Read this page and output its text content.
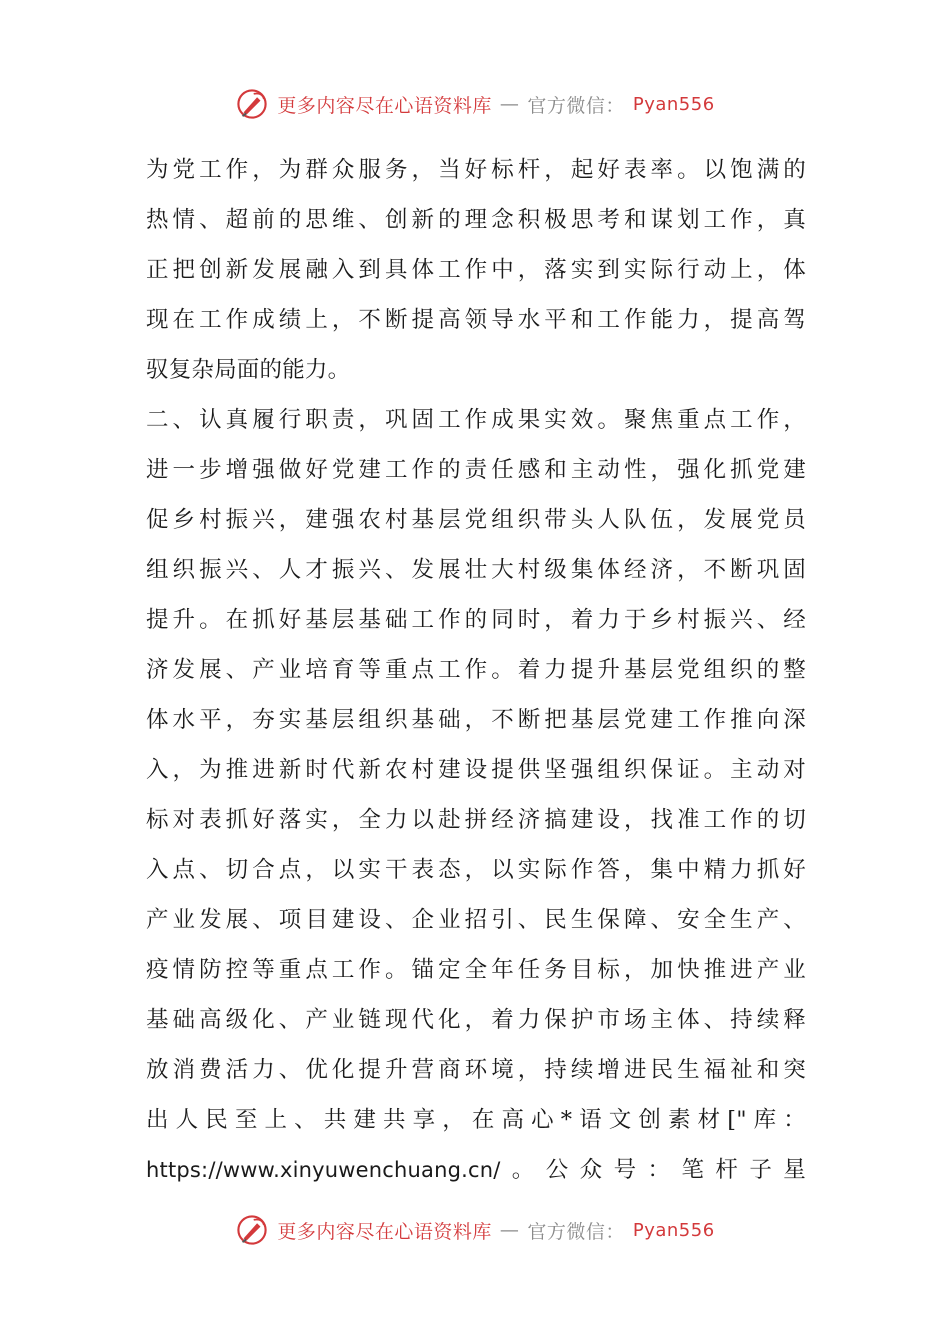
更多内容尽在心语资料库 — 官方微信： Pyan556
为党工作，为群众服务，当好标杆，起好表率。以饱满的
热情、超前的思维、创新的理念积极思考和谋划工作，真
正把创新发展融入到具体工作中，落实到实际行动上，体
现在工作成绩上，不断提高领导水平和工作能力，提高驾
驭复杂局面的能力。
二、认真履行职责，巩固工作成果实效。聚焦重点工作，
进一步增强做好党建工作的责任感和主动性，强化抓党建
促乡村振兴，建强农村基层党组织带头人队伍，发展党员
组织振兴、人才振兴、发展壮大村级集体经济，不断巩固
提升。在抓好基层基础工作的同时，着力于乡村振兴、经
济发展、产业培育等重点工作。着力提升基层党组织的整
体水平，夯实基层组织基础，不断把基层党建工作推向深
入，为推进新时代新农村建设提供坚强组织保证。主动对
标对表抓好落实，全力以赴拼经济搞建设，找准工作的切
入点、切合点，以实干表态，以实际作答，集中精力抓好
产业发展、项目建设、企业招引、民生保障、安全生产、
疫情防控等重点工作。锚定全年任务目标，加快推进产业
基础高级化、产业链现代化，着力保护市场主体、持续释
放消费活力、优化提升营商环境，持续增进民生福祉和突
出人民至上、共建共享，在高心*语文创素材["库：
https://www.xinyuwenchuang.cn/。公众号：笔杆子星
更多内容尽在心语资料库 — 官方微信： Pyan556
